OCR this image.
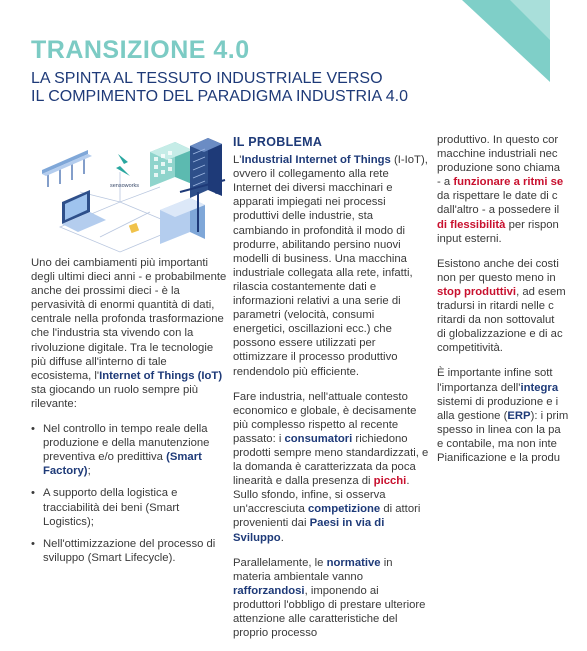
TRANSIZIONE 4.0
LA SPINTA AL TESSUTO INDUSTRIALE VERSO
IL COMPIMENTO DEL PARADIGMA INDUSTRIA 4.0
sensoworks

Uno dei cambiamenti più importanti degli ultimi dieci anni - e probabilmente anche dei prossimi dieci - è la pervasività di enormi quantità di dati, centrale nella profonda trasformazione che l'industria sta vivendo con la rivoluzione digitale. Tra le tecnologie più diffuse all'interno di tale ecosistema, l'Internet of Things (IoT) sta giocando un ruolo sempre più rilevante:

• Nel controllo in tempo reale della produzione e della manutenzione preventiva e/o predittiva (Smart Factory);
• A supporto della logistica e tracciabilità dei beni (Smart Logistics);
• Nell'ottimizzazione del processo di sviluppo (Smart Lifecycle).
IL PROBLEMA

L'Industrial Internet of Things (I-IoT), ovvero il collegamento alla rete Internet dei diversi macchinari e apparati impiegati nei processi produttivi delle industrie, sta cambiando in profondità il modo di produrre, abilitando persino nuovi modelli di business. Una macchina industriale collegata alla rete, infatti, rilascia costantemente dati e informazioni relativi a una serie di parametri (velocità, consumi energetici, oscillazioni ecc.) che possono essere utilizzati per ottimizzare il processo produttivo rendendolo più efficiente.

Fare industria, nell'attuale contesto economico e globale, è decisamente più complesso rispetto al recente passato: i consumatori richiedono prodotti sempre meno standardizzati, e la domanda è caratterizzata da poca linearità e dalla presenza di picchi. Sullo sfondo, infine, si osserva un'accresciuta competizione di attori provenienti dai Paesi in via di Sviluppo.

Parallelamente, le normative in materia ambientale vanno rafforzandosi, imponendo ai produttori l'obbligo di prestare ulteriore attenzione alle caratteristiche del proprio processo

produttivo. In questo cor
macchine industriali nec
produzione sono chiama
- a funzionare a ritmi se
da rispettare le date di c
dall'altro - a possedere il
di flessibilità per rispon
input esterni.
Esistono anche dei costi
non per questo meno in
stop produttivi, ad esem
tradursi in ritardi nelle c
ritardi da non sottovalut
di globalizzazione e di ac
competitività.
È importante infine sott
l'importanza dell'integra
sistemi di produzione e i
alla gestione (ERP): i prim
spesso in linea con la pa
e contabile, ma non inte
Pianificazione e la produ
